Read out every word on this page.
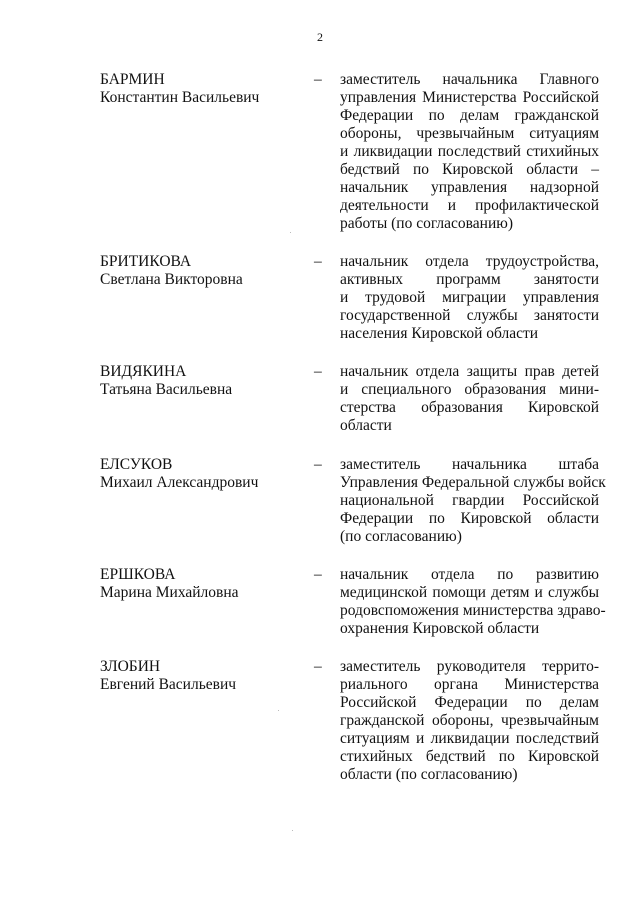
2
БАРМИН
Константин Васильевич
– заместитель начальника Главного
управления Министерства Российской
Федерации по делам гражданской
обороны, чрезвычайным ситуациям
и ликвидации последствий стихийных
бедствий по Кировской области –
начальник управления надзорной
деятельности и профилактической
работы (по согласованию)
БРИТИКОВА
Светлана Викторовна
– начальник отдела трудоустройства,
активных программ занятости
и трудовой миграции управления
государственной службы занятости
населения Кировской области
ВИДЯКИНА
Татьяна Васильевна
– начальник отдела защиты прав детей
и специального образования мини-
стерства образования Кировской
области
ЕЛСУКОВ
Михаил Александрович
– заместитель начальника штаба
Управления Федеральной службы войск
национальной гвардии Российской
Федерации по Кировской области
(по согласованию)
ЕРШКОВА
Марина Михайловна
– начальник отдела по развитию
медицинской помощи детям и службы
родовспоможения министерства здраво-
охранения Кировской области
ЗЛОБИН
Евгений Васильевич
– заместитель руководителя террито-
риального органа Министерства
Российской Федерации по делам
гражданской обороны, чрезвычайным
ситуациям и ликвидации последствий
стихийных бедствий по Кировской
области (по согласованию)
